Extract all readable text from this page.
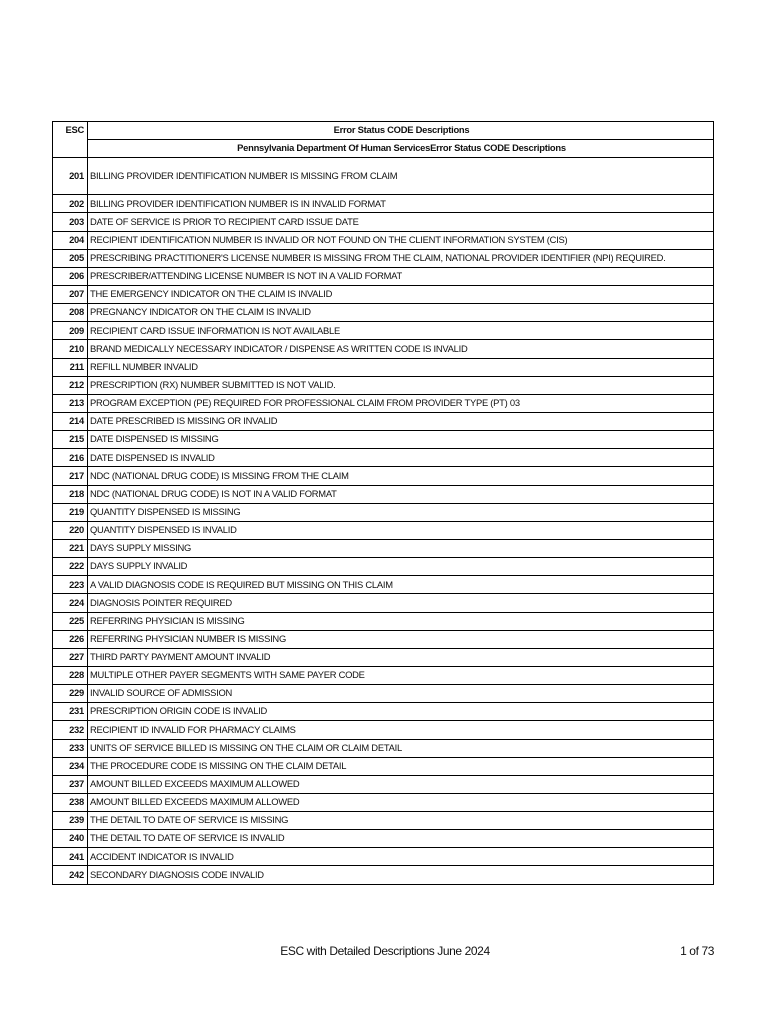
ESC	Error Status CODE Descriptions
	Pennsylvania Department Of Human ServicesError Status CODE Descriptions
201	BILLING PROVIDER IDENTIFICATION NUMBER IS MISSING FROM CLAIM
202	BILLING PROVIDER IDENTIFICATION NUMBER IS IN INVALID FORMAT
203	DATE OF SERVICE IS PRIOR TO RECIPIENT CARD ISSUE DATE
204	RECIPIENT IDENTIFICATION NUMBER IS INVALID OR NOT FOUND ON THE CLIENT INFORMATION SYSTEM (CIS)
205	PRESCRIBING PRACTITIONER'S LICENSE NUMBER IS MISSING FROM THE CLAIM, NATIONAL PROVIDER IDENTIFIER (NPI) REQUIRED.
206	PRESCRIBER/ATTENDING LICENSE NUMBER IS NOT IN A VALID FORMAT
207	THE EMERGENCY INDICATOR ON THE CLAIM IS INVALID
208	PREGNANCY INDICATOR ON THE CLAIM IS INVALID
209	RECIPIENT CARD ISSUE INFORMATION IS NOT AVAILABLE
210	BRAND MEDICALLY NECESSARY INDICATOR / DISPENSE AS WRITTEN CODE IS INVALID
211	REFILL NUMBER INVALID
212	PRESCRIPTION (RX) NUMBER SUBMITTED IS NOT VALID.
213	PROGRAM EXCEPTION (PE) REQUIRED FOR PROFESSIONAL CLAIM FROM PROVIDER TYPE (PT) 03
214	DATE PRESCRIBED IS MISSING OR INVALID
215	DATE DISPENSED IS MISSING
216	DATE DISPENSED IS INVALID
217	NDC (NATIONAL DRUG CODE) IS MISSING FROM THE CLAIM
218	NDC (NATIONAL DRUG CODE) IS NOT IN A VALID FORMAT
219	QUANTITY DISPENSED IS MISSING
220	QUANTITY DISPENSED IS INVALID
221	DAYS SUPPLY MISSING
222	DAYS SUPPLY INVALID
223	A VALID DIAGNOSIS CODE IS REQUIRED BUT MISSING ON THIS CLAIM
224	DIAGNOSIS POINTER REQUIRED
225	REFERRING PHYSICIAN IS MISSING
226	REFERRING PHYSICIAN NUMBER IS MISSING
227	THIRD PARTY PAYMENT AMOUNT INVALID
228	MULTIPLE OTHER PAYER SEGMENTS WITH SAME PAYER CODE
229	INVALID SOURCE OF ADMISSION
231	PRESCRIPTION ORIGIN CODE IS INVALID
232	RECIPIENT ID INVALID FOR PHARMACY CLAIMS
233	UNITS OF SERVICE BILLED IS MISSING ON THE CLAIM OR CLAIM DETAIL
234	THE PROCEDURE CODE IS MISSING ON THE CLAIM DETAIL
237	AMOUNT BILLED EXCEEDS MAXIMUM ALLOWED
238	AMOUNT BILLED EXCEEDS MAXIMUM ALLOWED
239	THE DETAIL TO DATE OF SERVICE IS MISSING
240	THE DETAIL TO DATE OF SERVICE IS INVALID
241	ACCIDENT INDICATOR IS INVALID
242	SECONDARY DIAGNOSIS CODE INVALID
ESC with Detailed Descriptions June 2024	1 of 73
